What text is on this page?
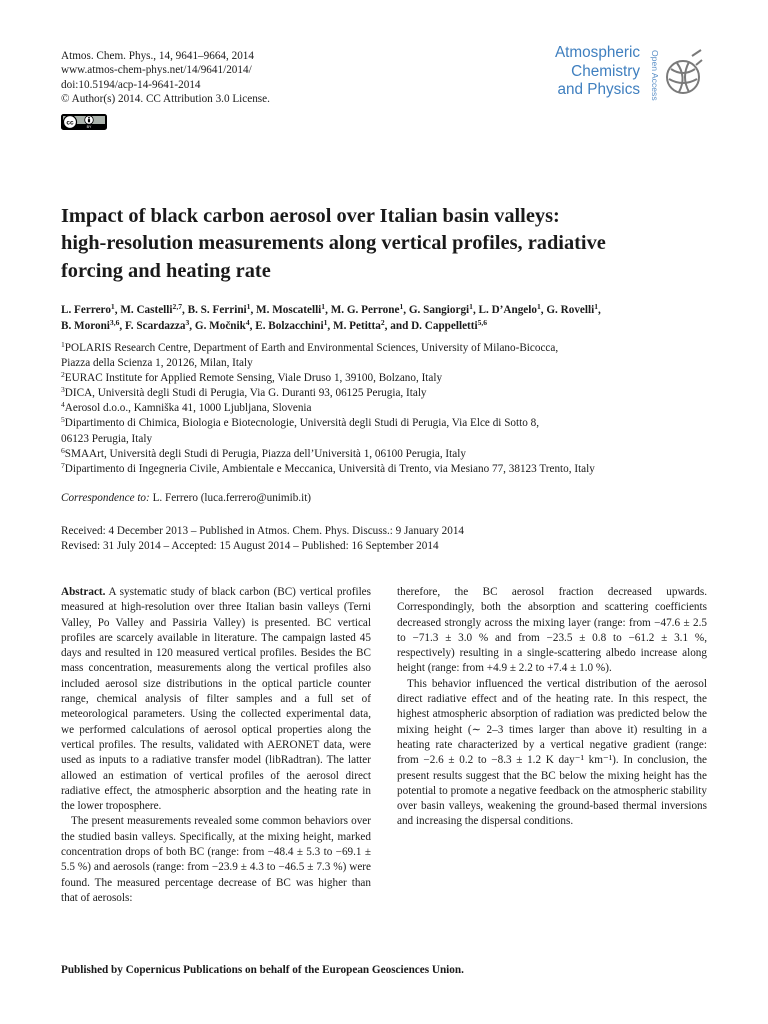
Atmos. Chem. Phys., 14, 9641–9664, 2014
www.atmos-chem-phys.net/14/9641/2014/
doi:10.5194/acp-14-9641-2014
© Author(s) 2014. CC Attribution 3.0 License.
cc
BY
Atmospheric
Chemistry
and Physics Open Access
Impact of black carbon aerosol over Italian basin valleys:
high-resolution measurements along vertical profiles, radiative
forcing and heating rate
L. Ferrero$^1$, M. Castelli$^{2,7}$, B. S. Ferrini$^1$, M. Moscatelli$^1$, M. G. Perrone$^1$, G. Sangiorgi$^1$, L. D’Angelo$^1$, G. Rovelli$^1$,
B. Moroni$^{3,6}$, F. Scardazza$^3$, G. Močnik$^4$, E. Bolzacchini$^1$, M. Petitta$^2$, and D. Cappelletti$^{5,6}$
$^1$POLARIS Research Centre, Department of Earth and Environmental Sciences, University of Milano-Bicocca,
Piazza della Scienza 1, 20126, Milan, Italy
$^2$EURAC Institute for Applied Remote Sensing, Viale Druso 1, 39100, Bolzano, Italy
$^3$DICA, Università degli Studi di Perugia, Via G. Duranti 93, 06125 Perugia, Italy
$^4$Aerosol d.o.o., Kamniška 41, 1000 Ljubljana, Slovenia
$^5$Dipartimento di Chimica, Biologia e Biotecnologie, Università degli Studi di Perugia, Via Elce di Sotto 8,
06123 Perugia, Italy
$^6$SMAArt, Università degli Studi di Perugia, Piazza dell’Università 1, 06100 Perugia, Italy
$^7$Dipartimento di Ingegneria Civile, Ambientale e Meccanica, Università di Trento, via Mesiano 77, 38123 Trento, Italy
Correspondence to: L. Ferrero (luca.ferrero@unimib.it)
Received: 4 December 2013 – Published in Atmos. Chem. Phys. Discuss.: 9 January 2014
Revised: 31 July 2014 – Accepted: 15 August 2014 – Published: 16 September 2014

Abstract. A systematic study of black carbon (BC) vertical profiles measured at high-resolution over three Italian basin valleys (Terni Valley, Po Valley and Passiria Valley) is presented. BC vertical profiles are scarcely available in literature. The campaign lasted 45 days and resulted in 120 measured vertical profiles. Besides the BC mass concentration, measurements along the vertical profiles also included aerosol size distributions in the optical particle counter range, chemical analysis of filter samples and a full set of meteorological parameters. Using the collected experimental data, we performed calculations of aerosol optical properties along the vertical profiles. The results, validated with AERONET data, were used as inputs to a radiative transfer model (libRadtran). The latter allowed an estimation of vertical profiles of the aerosol direct radiative effect, the atmospheric absorption and the heating rate in the lower troposphere.

The present measurements revealed some common behaviors over the studied basin valleys. Specifically, at the mixing height, marked concentration drops of both BC (range: from −48.4 ± 5.3 to −69.1 ± 5.5 %) and aerosols (range: from −23.9 ± 4.3 to −46.5 ± 7.3 %) were found. The measured percentage decrease of BC was higher than that of aerosols:

therefore, the BC aerosol fraction decreased upwards. Correspondingly, both the absorption and scattering coefficients decreased strongly across the mixing layer (range: from −47.6 ± 2.5 to −71.3 ± 3.0 % and from −23.5 ± 0.8 to −61.2 ± 3.1 %, respectively) resulting in a single-scattering albedo increase along height (range: from +4.9 ± 2.2 to +7.4 ± 1.0 %).

This behavior influenced the vertical distribution of the aerosol direct radiative effect and of the heating rate. In this respect, the highest atmospheric absorption of radiation was predicted below the mixing height (∼ 2–3 times larger than above it) resulting in a heating rate characterized by a vertical negative gradient (range: from −2.6 ± 0.2 to −8.3 ± 1.2 K day⁻¹ km⁻¹). In conclusion, the present results suggest that the BC below the mixing height has the potential to promote a negative feedback on the atmospheric stability over basin valleys, weakening the ground-based thermal inversions and increasing the dispersal conditions.

Published by Copernicus Publications on behalf of the European Geosciences Union.
